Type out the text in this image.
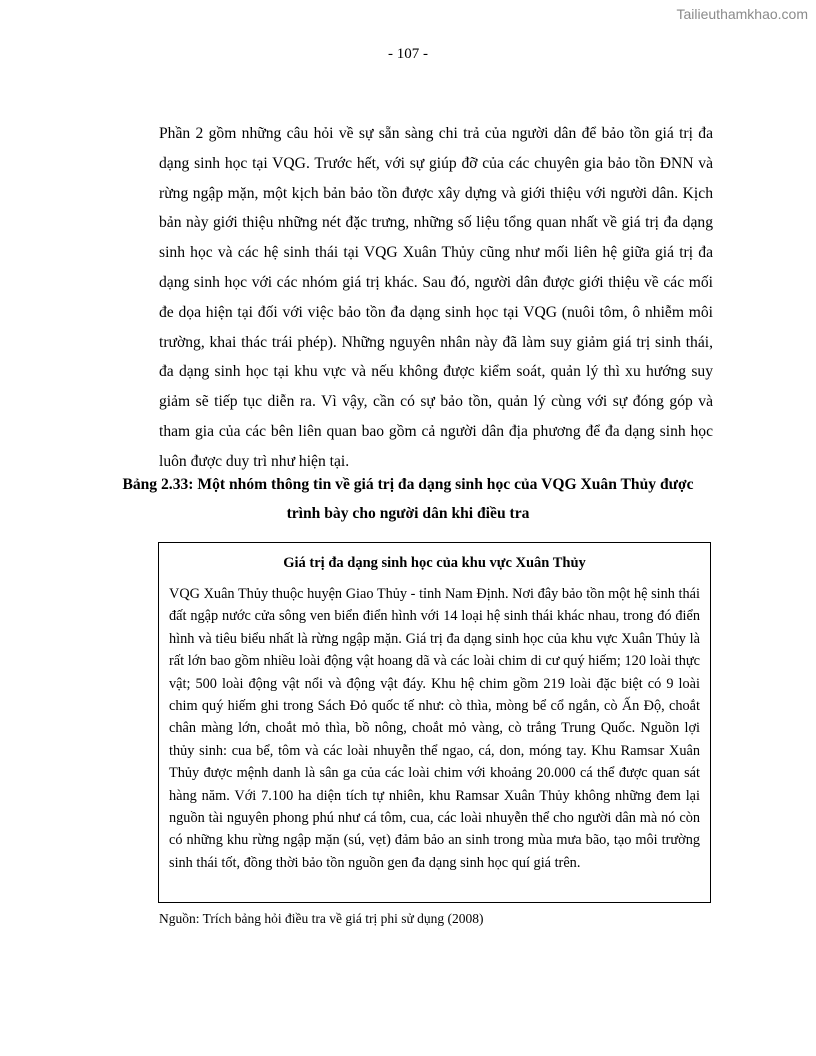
Tailieuthamkhao.com
- 107 -

Phần 2 gồm những câu hỏi về sự sẵn sàng chi trả của người dân để bảo tồn giá trị đa dạng sinh học tại VQG. Trước hết, với sự giúp đỡ của các chuyên gia bảo tồn ĐNN và rừng ngập mặn, một kịch bản bảo tồn được xây dựng và giới thiệu với người dân. Kịch bản này giới thiệu những nét đặc trưng, những số liệu tổng quan nhất về giá trị đa dạng sinh học và các hệ sinh thái tại VQG Xuân Thủy cũng như mối liên hệ giữa giá trị đa dạng sinh học với các nhóm giá trị khác. Sau đó, người dân được giới thiệu về các mối đe dọa hiện tại đối với việc bảo tồn đa dạng sinh học tại VQG (nuôi tôm, ô nhiễm môi trường, khai thác trái phép). Những nguyên nhân này đã làm suy giảm giá trị sinh thái, đa dạng sinh học tại khu vực và nếu không được kiểm soát, quản lý thì xu hướng suy giảm sẽ tiếp tục diễn ra. Vì vậy, cần có sự bảo tồn, quản lý cùng với sự đóng góp và tham gia của các bên liên quan bao gồm cả người dân địa phương để đa dạng sinh học luôn được duy trì như hiện tại.

Bảng 2.33: Một nhóm thông tin về giá trị đa dạng sinh học của VQG Xuân Thủy được trình bày cho người dân khi điều tra

Giá trị đa dạng sinh học của khu vực Xuân Thủy

VQG Xuân Thủy thuộc huyện Giao Thủy - tỉnh Nam Định. Nơi đây bảo tồn một hệ sinh thái đất ngập nước cửa sông ven biển điển hình với 14 loại hệ sinh thái khác nhau, trong đó điển hình và tiêu biểu nhất là rừng ngập mặn. Giá trị đa dạng sinh học của khu vực Xuân Thủy là rất lớn bao gồm nhiều loài động vật hoang dã và các loài chim di cư quý hiếm; 120 loài thực vật; 500 loài động vật nổi và động vật đáy. Khu hệ chim gồm 219 loài đặc biệt có 9 loài chim quý hiếm ghi trong Sách Đỏ quốc tế như: cò thìa, mòng bể cổ ngắn, cò Ấn Độ, choắt chân màng lớn, choắt mỏ thìa, bồ nông, choắt mỏ vàng, cò trắng Trung Quốc. Nguồn lợi thủy sinh: cua bể, tôm và các loài nhuyễn thể ngao, cá, don, móng tay. Khu Ramsar Xuân Thủy được mệnh danh là sân ga của các loài chim với khoảng 20.000 cá thể được quan sát hàng năm. Với 7.100 ha diện tích tự nhiên, khu Ramsar Xuân Thủy không những đem lại nguồn tài nguyên phong phú như cá tôm, cua, các loài nhuyễn thể cho người dân mà nó còn có những khu rừng ngập mặn (sú, vẹt) đảm bảo an sinh trong mùa mưa bão, tạo môi trường sinh thái tốt, đồng thời bảo tồn nguồn gen đa dạng sinh học quí giá trên.

Nguồn: Trích bảng hỏi điều tra về giá trị phi sử dụng (2008)
